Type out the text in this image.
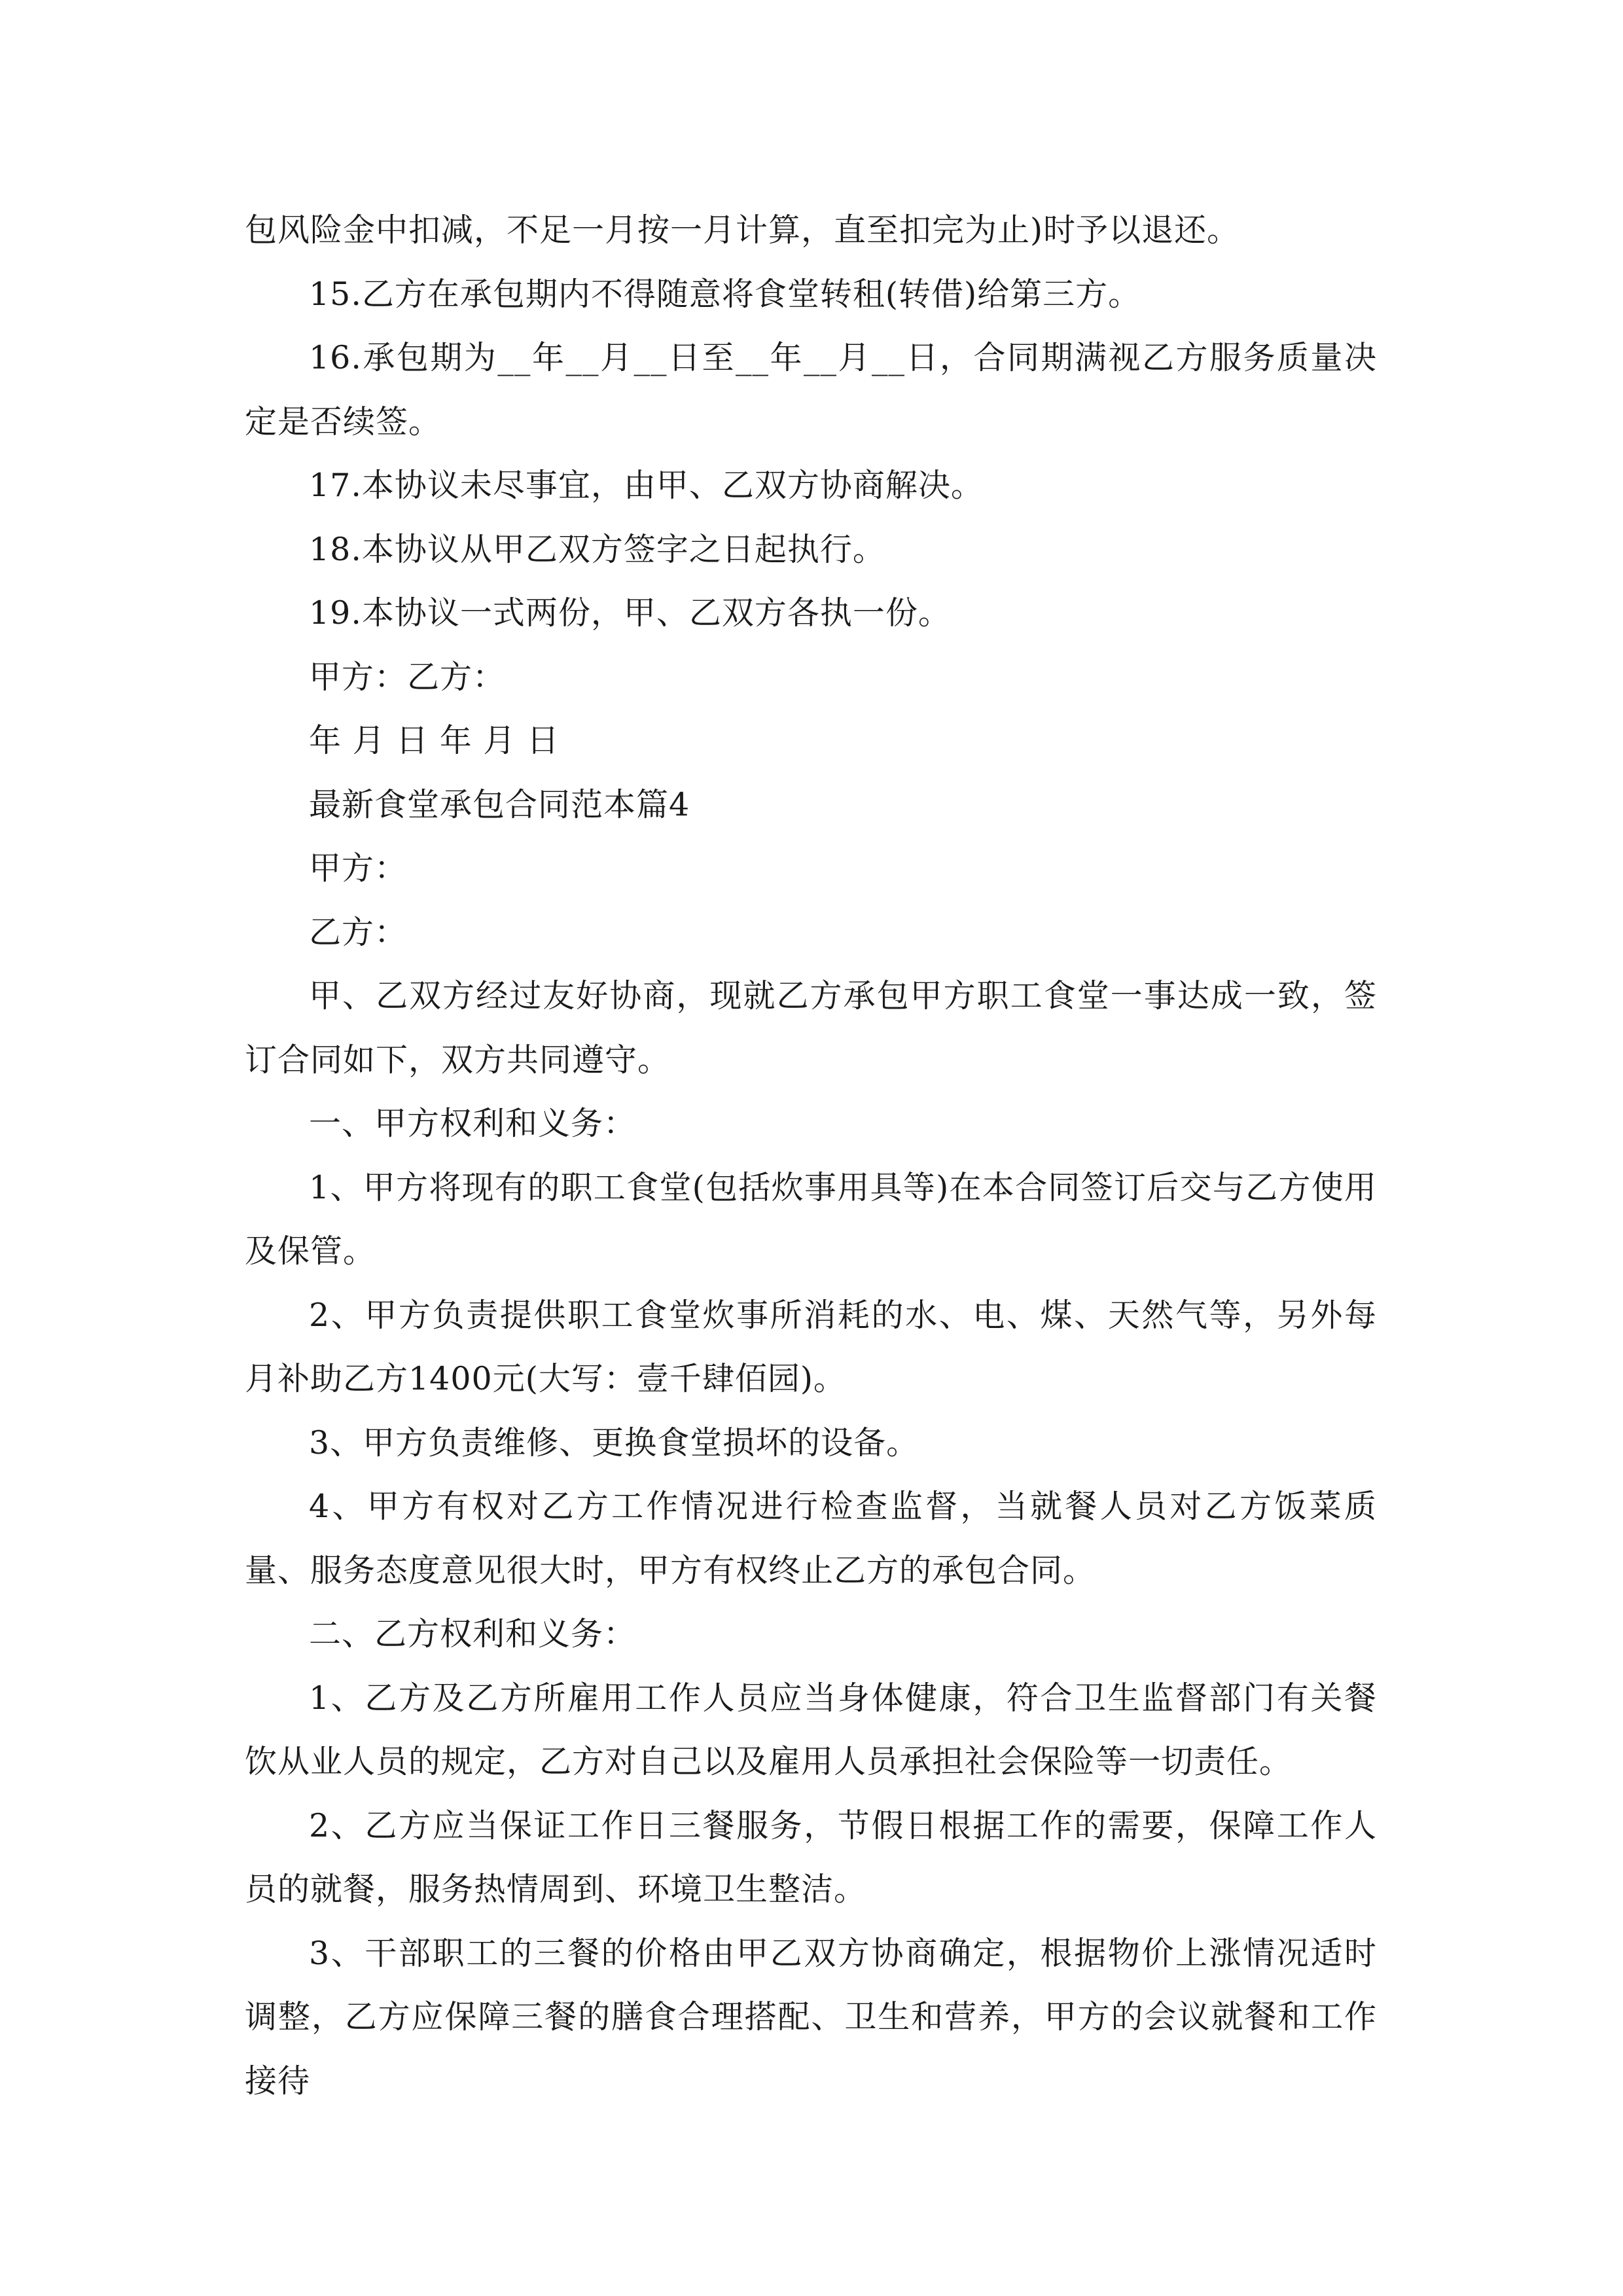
包风险金中扣减，不足一月按一月计算，直至扣完为止)时予以退还。

15.乙方在承包期内不得随意将食堂转租(转借)给第三方。

16.承包期为__年__月__日至__年__月__日，合同期满视乙方服务质量决定是否续签。

17.本协议未尽事宜，由甲、乙双方协商解决。

18.本协议从甲乙双方签字之日起执行。

19.本协议一式两份，甲、乙双方各执一份。

甲方：乙方：

年 月 日 年 月 日

最新食堂承包合同范本篇4

甲方：

乙方：

甲、乙双方经过友好协商，现就乙方承包甲方职工食堂一事达成一致，签订合同如下，双方共同遵守。

一、甲方权利和义务：

1、甲方将现有的职工食堂(包括炊事用具等)在本合同签订后交与乙方使用及保管。

2、甲方负责提供职工食堂炊事所消耗的水、电、煤、天然气等，另外每月补助乙方1400元(大写：壹千肆佰园)。

3、甲方负责维修、更换食堂损坏的设备。

4、甲方有权对乙方工作情况进行检查监督，当就餐人员对乙方饭菜质量、服务态度意见很大时，甲方有权终止乙方的承包合同。

二、乙方权利和义务：

1、乙方及乙方所雇用工作人员应当身体健康，符合卫生监督部门有关餐饮从业人员的规定，乙方对自己以及雇用人员承担社会保险等一切责任。

2、乙方应当保证工作日三餐服务，节假日根据工作的需要，保障工作人员的就餐，服务热情周到、环境卫生整洁。

3、干部职工的三餐的价格由甲乙双方协商确定，根据物价上涨情况适时调整，乙方应保障三餐的膳食合理搭配、卫生和营养，甲方的会议就餐和工作接待
